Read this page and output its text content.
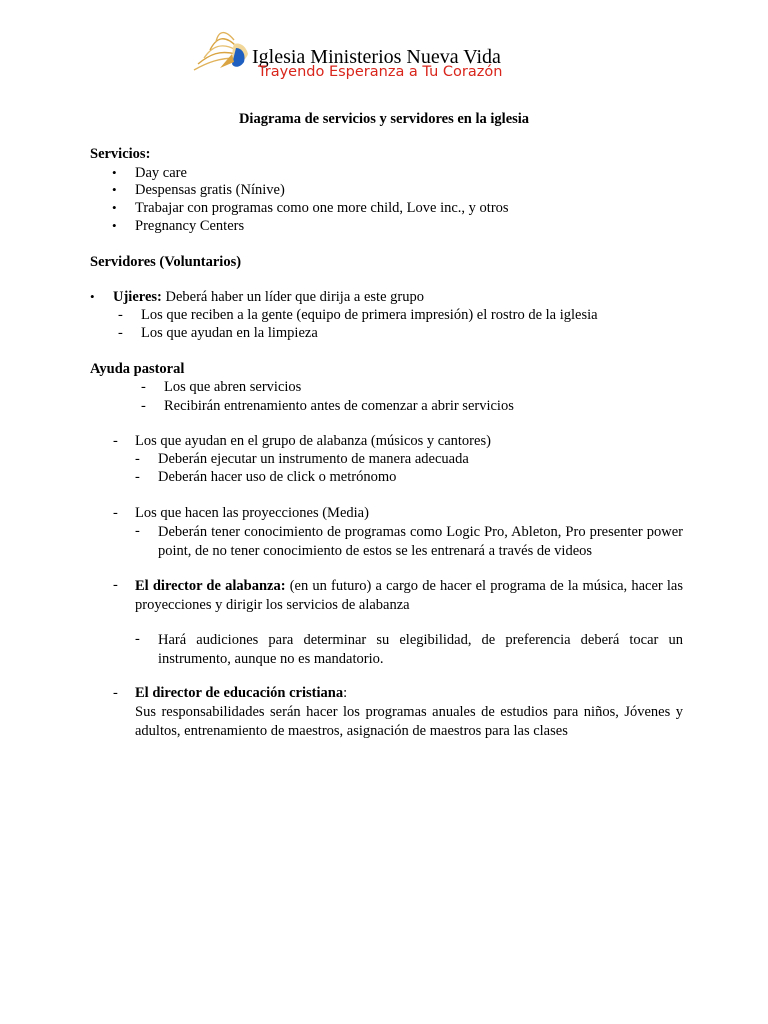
Iglesia Ministerios Nueva Vida
Trayendo Esperanza a Tu Corazón
Diagrama de servicios y servidores en la iglesia
Servicios:
• Day care
• Despensas gratis (Nínive)
• Trabajar con programas como one more child, Love inc., y otros
• Pregnancy Centers
Servidores (Voluntarios)
• Ujieres: Deberá haber un líder que dirija a este grupo
- Los que reciben a la gente (equipo de primera impresión) el rostro de la iglesia
- Los que ayudan en la limpieza
Ayuda pastoral
- Los que abren servicios
- Recibirán entrenamiento antes de comenzar a abrir servicios
- Los que ayudan en el grupo de alabanza (músicos y cantores)
- Deberán ejecutar un instrumento de manera adecuada
- Deberán hacer uso de click o metrónomo
- Los que hacen las proyecciones (Media)
- Deberán tener conocimiento de programas como Logic Pro, Ableton, Pro presenter power point, de no tener conocimiento de estos se les entrenará a través de videos
- El director de alabanza: (en un futuro) a cargo de hacer el programa de la música, hacer las proyecciones y dirigir los servicios de alabanza
- Hará audiciones para determinar su elegibilidad, de preferencia deberá tocar un instrumento, aunque no es mandatorio.
- El director de educación cristiana:
Sus responsabilidades serán hacer los programas anuales de estudios para niños, Jóvenes y adultos, entrenamiento de maestros, asignación de maestros para las clases
